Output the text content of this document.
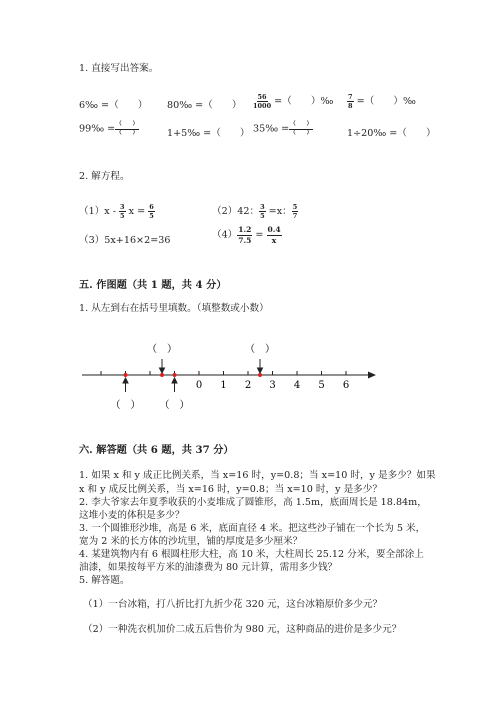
1. 直接写出答案。
6‰ =（　　） 80‰ =（　　） $\frac{56}{1000}$ =（　　）‰ $\frac{7}{8}$ =（　　）‰
99‰ = $\frac{( )}{( )}$	1+5‰ =（　　） 35‰ = $\frac{( )}{( )}$	1÷20‰ =（　　）
2. 解方程。
$(1)x - \frac{3}{5}$ $x = \frac{6}{5}$	（2）42： $\frac{3}{5} =x$： $\frac{5}{7}$
（3）5x+16×2=36	$(4) \frac{1.2}{7.5} = \frac{0.4}{x}$
五. 作图题（共 1 题，共 4 分）
1. 从左到右在括号里填数。（填整数或小数）
0 1 2 3 4 5 6
（　）	（　）
（　） （　）
六. 解答题（共 6 题，共 37 分）
1. 如果 x 和 y 成正比例关系，当 x=16 时，y=0.8；当 x=10 时，y 是多少？如果
x 和 y 成反比例关系，当 x=16 时，y=0.8；当 x=10 时，y 是多少？
2. 李大爷家去年夏季收获的小麦堆成了圆锥形，高 1.5m，底面周长是 18.84m，
这堆小麦的体积是多少？
3. 一个圆锥形沙堆，高是 6 米，底面直径 4 米。把这些沙子铺在一个长为 5 米，
宽为 2 米的长方体的沙坑里，铺的厚度是多少厘米？
4. 某建筑物内有 6 根圆柱形大柱，高 10 米，大柱周长 25.12 分米，要全部涂上
油漆，如果按每平方米的油漆费为 80 元计算，需用多少钱？
5. 解答题。
（1）一台冰箱，打八折比打九折少花 320 元，这台冰箱原价多少元？
（2）一种洗衣机加价二成五后售价为 980 元，这种商品的进价是多少元？
